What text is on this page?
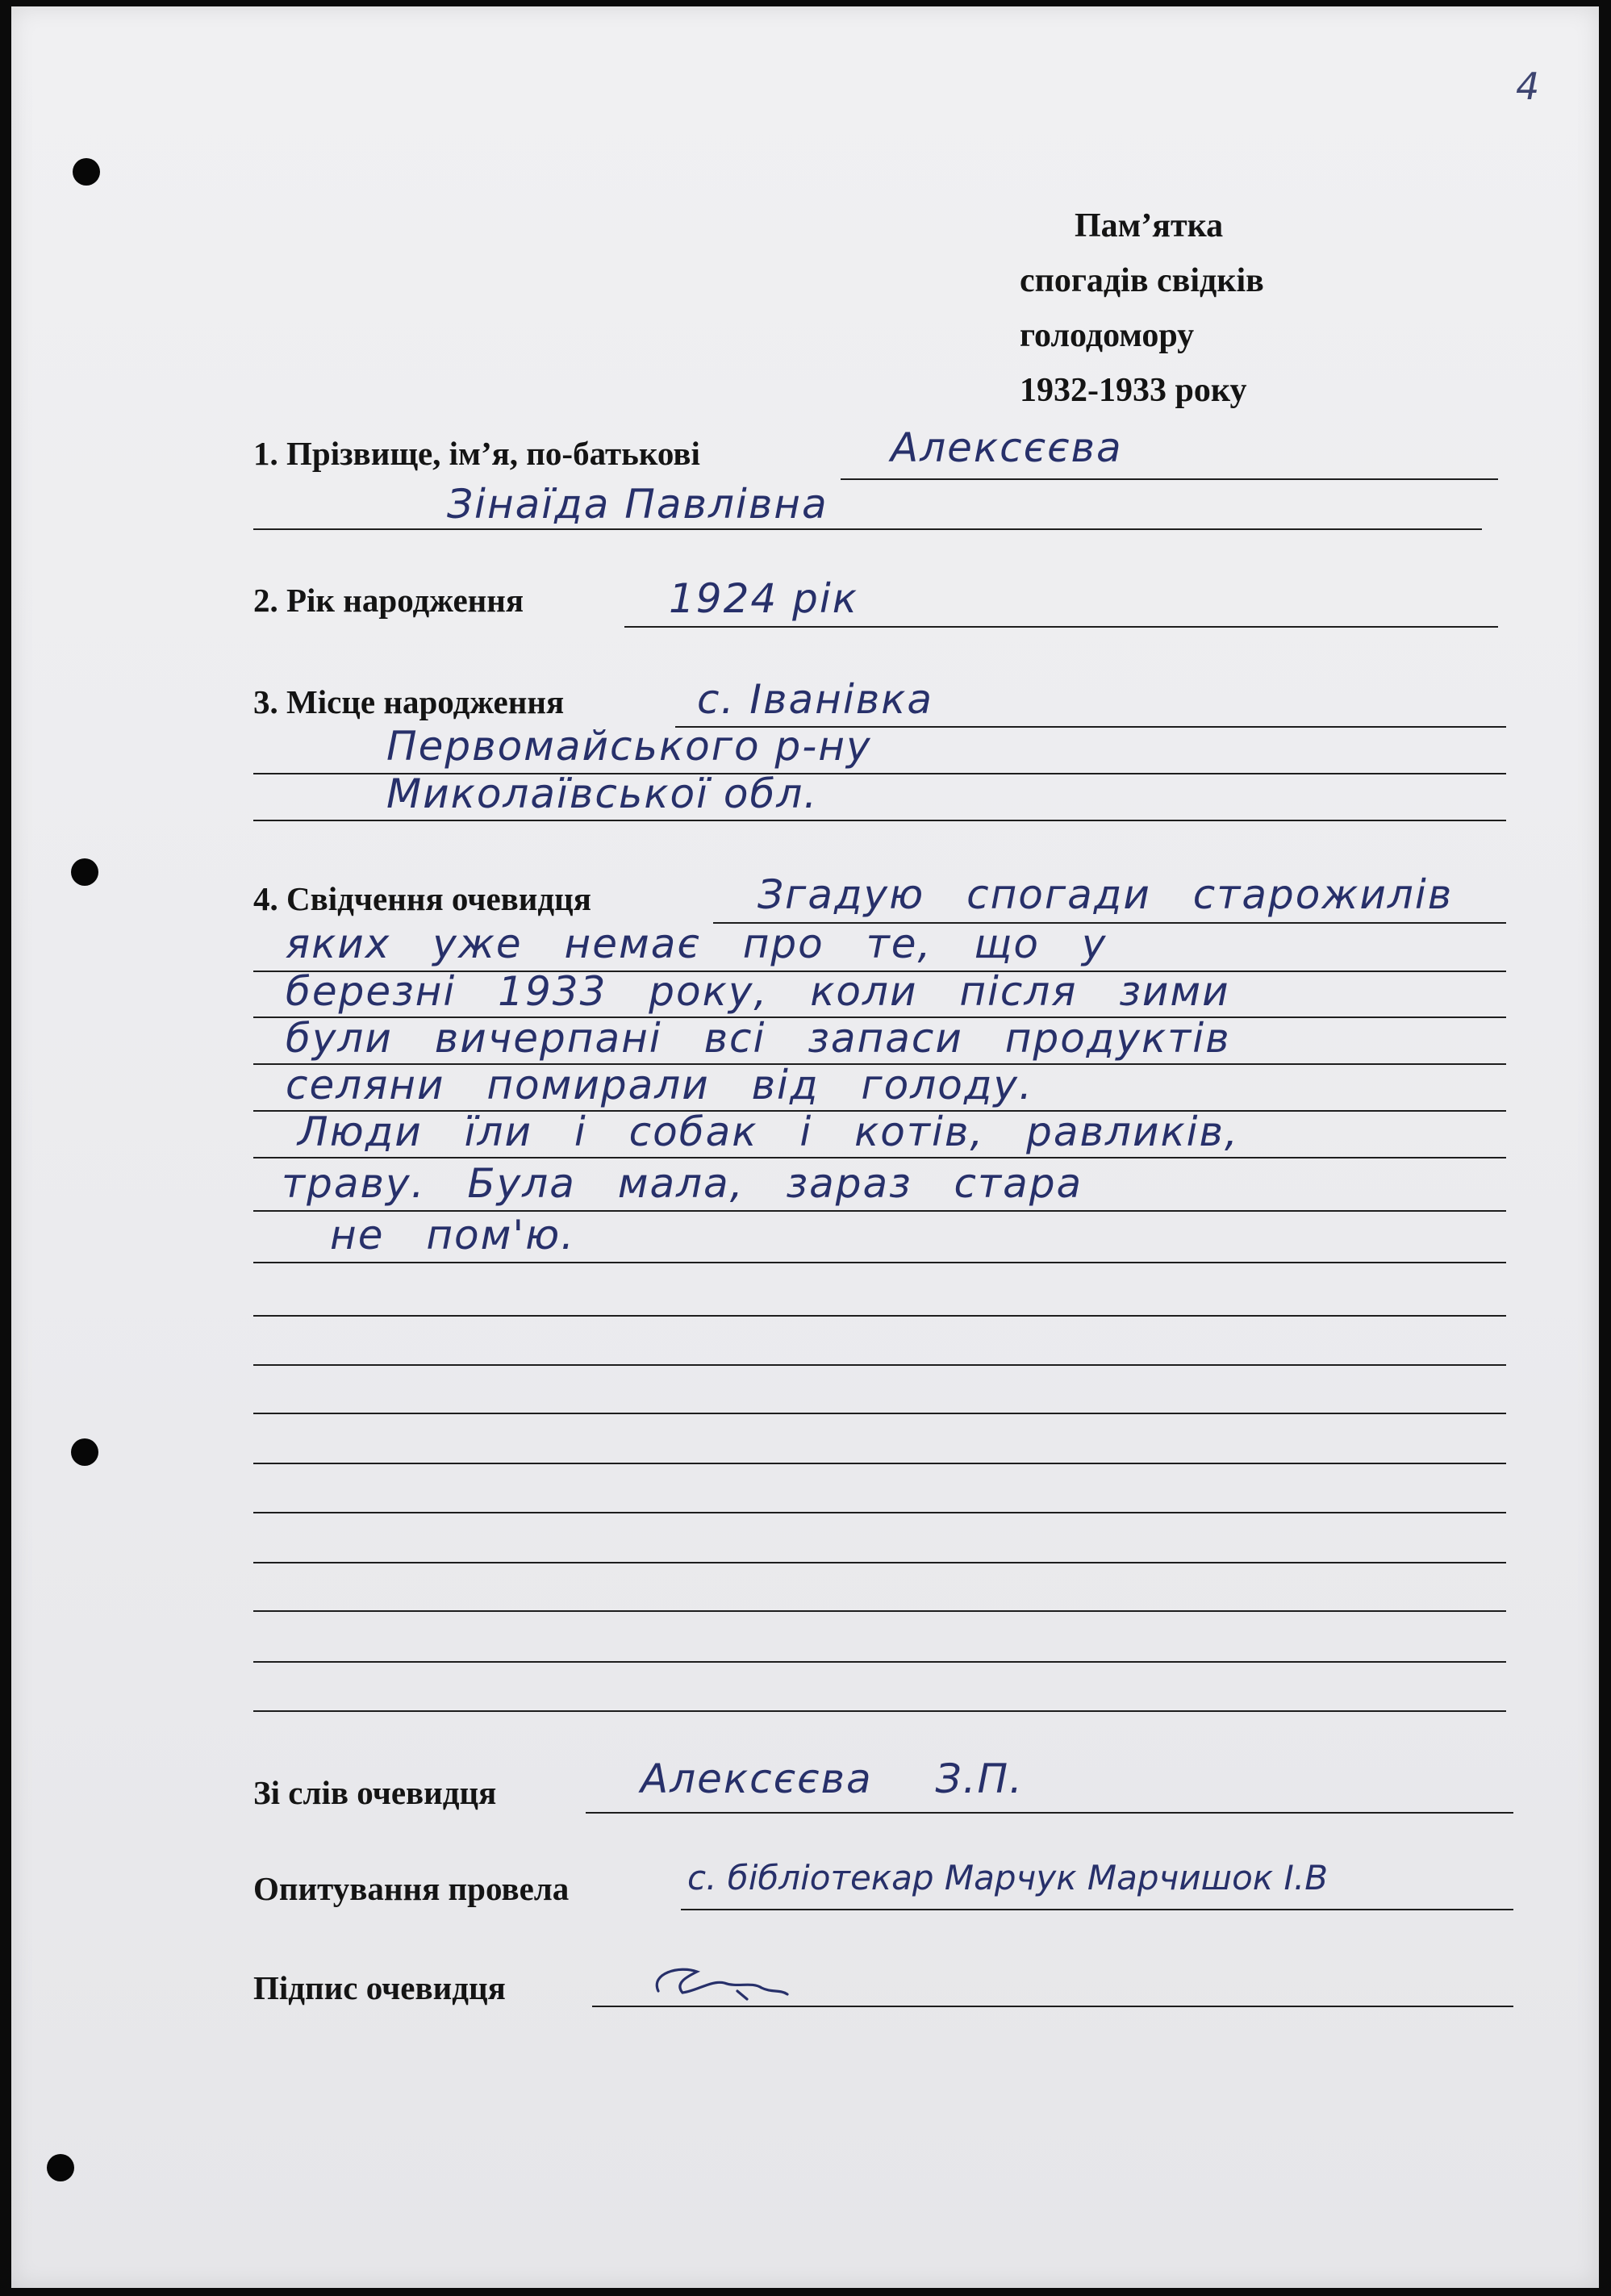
4
Пам’ятка
спогадів свідків
голодомору
1932-1933 року
1. Прізвище, ім’я, по-батькові	Алексєєва
Зінаїда Павлівна
2. Рік народження	1924 рік
3. Місце народження	с. Іванівка
Первомайського р-ну
Миколаївської обл.
4. Свідчення очевидця	Згадую спогади старожилів
яких уже немає про те, що у
березні 1933 року, коли після зими
були вичерпані всі запаси продуктів
селяни помирали від голоду.
Люди їли і собак і котів, равликів,
траву. Була мала, зараз стара
не пом'ю.
Зі слів очевидця	Алексєєва З.П.
Опитування провела	с. бібліотекар Марчук Марчишок І.В
Підпис очевидця
